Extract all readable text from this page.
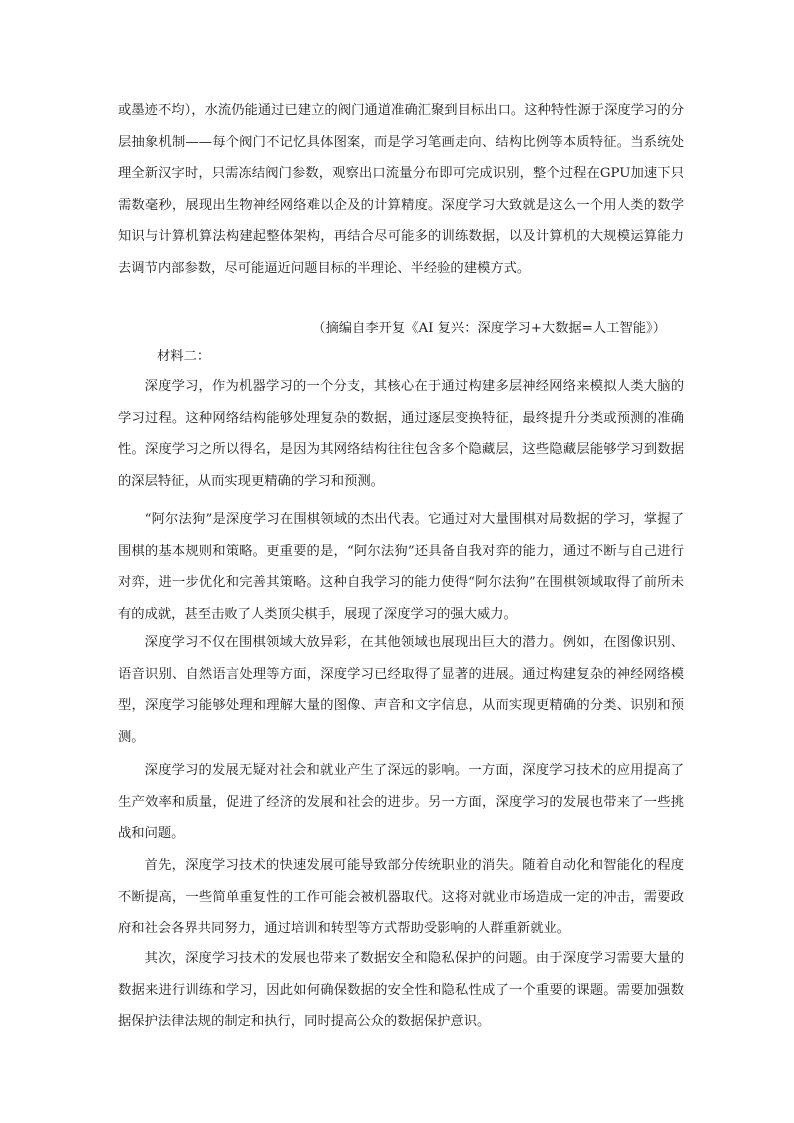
或墨迹不均），水流仍能通过已建立的阀门通道准确汇聚到目标出口。这种特性源于深度学习的分层抽象机制——每个阀门不记忆具体图案，而是学习笔画走向、结构比例等本质特征。当系统处理全新汉字时，只需冻结阀门参数，观察出口流量分布即可完成识别，整个过程在GPU加速下只需数毫秒，展现出生物神经网络难以企及的计算精度。深度学习大致就是这么一个用人类的数学知识与计算机算法构建起整体架构，再结合尽可能多的训练数据，以及计算机的大规模运算能力去调节内部参数，尽可能逼近问题目标的半理论、半经验的建模方式。

（摘编自李开复《AI 复兴：深度学习+大数据=人工智能》）
材料二：

深度学习，作为机器学习的一个分支，其核心在于通过构建多层神经网络来模拟人类大脑的学习过程。这种网络结构能够处理复杂的数据，通过逐层变换特征，最终提升分类或预测的准确性。深度学习之所以得名，是因为其网络结构往往包含多个隐藏层，这些隐藏层能够学习到数据的深层特征，从而实现更精确的学习和预测。

“阿尔法狗”是深度学习在围棋领域的杰出代表。它通过对大量围棋对局数据的学习，掌握了围棋的基本规则和策略。更重要的是，“阿尔法狗”还具备自我对弈的能力，通过不断与自己进行对弈，进一步优化和完善其策略。这种自我学习的能力使得“阿尔法狗”在围棋领域取得了前所未有的成就，甚至击败了人类顶尖棋手，展现了深度学习的强大威力。

深度学习不仅在围棋领域大放异彩，在其他领域也展现出巨大的潜力。例如，在图像识别、语音识别、自然语言处理等方面，深度学习已经取得了显著的进展。通过构建复杂的神经网络模型，深度学习能够处理和理解大量的图像、声音和文字信息，从而实现更精确的分类、识别和预测。

深度学习的发展无疑对社会和就业产生了深远的影响。一方面，深度学习技术的应用提高了生产效率和质量，促进了经济的发展和社会的进步。另一方面，深度学习的发展也带来了一些挑战和问题。

首先，深度学习技术的快速发展可能导致部分传统职业的消失。随着自动化和智能化的程度不断提高，一些简单重复性的工作可能会被机器取代。这将对就业市场造成一定的冲击，需要政府和社会各界共同努力，通过培训和转型等方式帮助受影响的人群重新就业。

其次，深度学习技术的发展也带来了数据安全和隐私保护的问题。由于深度学习需要大量的数据来进行训练和学习，因此如何确保数据的安全性和隐私性成了一个重要的课题。需要加强数据保护法律法规的制定和执行，同时提高公众的数据保护意识。
